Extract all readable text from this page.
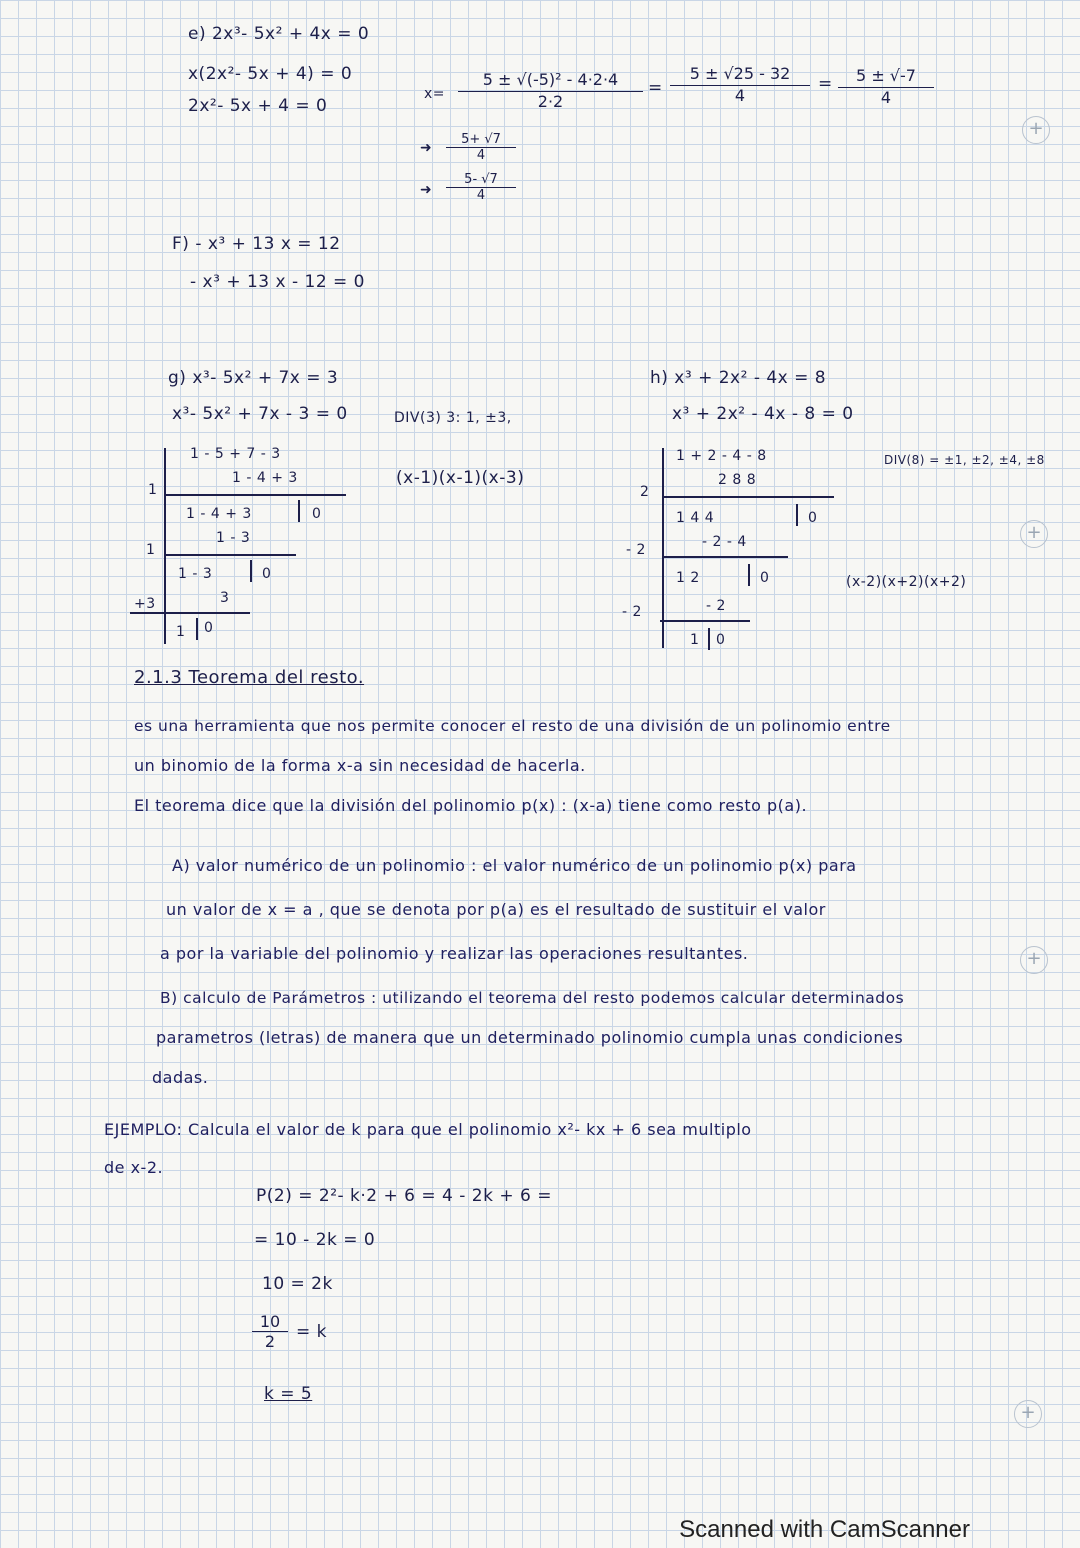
e) 2x³- 5x² + 4x = 0
x(2x²- 5x + 4) = 0
2x²- 5x + 4 = 0
$x= \frac{\text{5 ± √(-5)² - 4·2·4}}{2\cdot 2} = \frac{5 \pm √25 - 32}{4} = \frac{5 \pm √-7}{4}$
➜ $\frac{5+ √7}{4}$
➜ $\frac{5- √7}{4}$
+
F) - x³ + 13 x = 12
- x³ + 13 x - 12 = 0
g) x³- 5x² + 7x = 3
x³- 5x² + 7x - 3 = 0	DIV(3) 3: 1, ±3,
(x-1)(x-1)(x-3)
1 - 5 + 7 - 3
1
1 - 4 + 3
1 - 4 + 3	0
1
1 - 3
1 - 3	0
+3	3
1 0
h) x³ + 2x² - 4x = 8
x³ + 2x² - 4x - 8 = 0
DIV(8) = ±1, ±2, ±4, ±8
(x-2)(x+2)(x+2)
1 + 2 - 4 - 8
2
2 8 8
1 4 4	0
- 2	- 2 - 4
1 2	0
- 2	- 2
1 0
+
2.1.3 Teorema del resto.
es una herramienta que nos permite conocer el resto de una división de un polinomio entre
un binomio de la forma x-a sin necesidad de hacerla.
El teorema dice que la división del polinomio p(x) : (x-a) tiene como resto p(a).
A) valor numérico de un polinomio : el valor numérico de un polinomio p(x) para
un valor de x = a , que se denota por p(a) es el resultado de sustituir el valor
a por la variable del polinomio y realizar las operaciones resultantes.	+
B) calculo de Parámetros : utilizando el teorema del resto podemos calcular determinados
parametros (letras) de manera que un determinado polinomio cumpla unas condiciones
dadas.
EJEMPLO: Calcula el valor de k para que el polinomio x²- kx + 6 sea multiplo
de x-2.
P(2) = 2²- k·2 + 6 = 4 - 2k + 6 =
= 10 - 2k = 0
10 = 2k
$\frac{10}{2} = k$
k = 5
+
Scanned with CamScanner
